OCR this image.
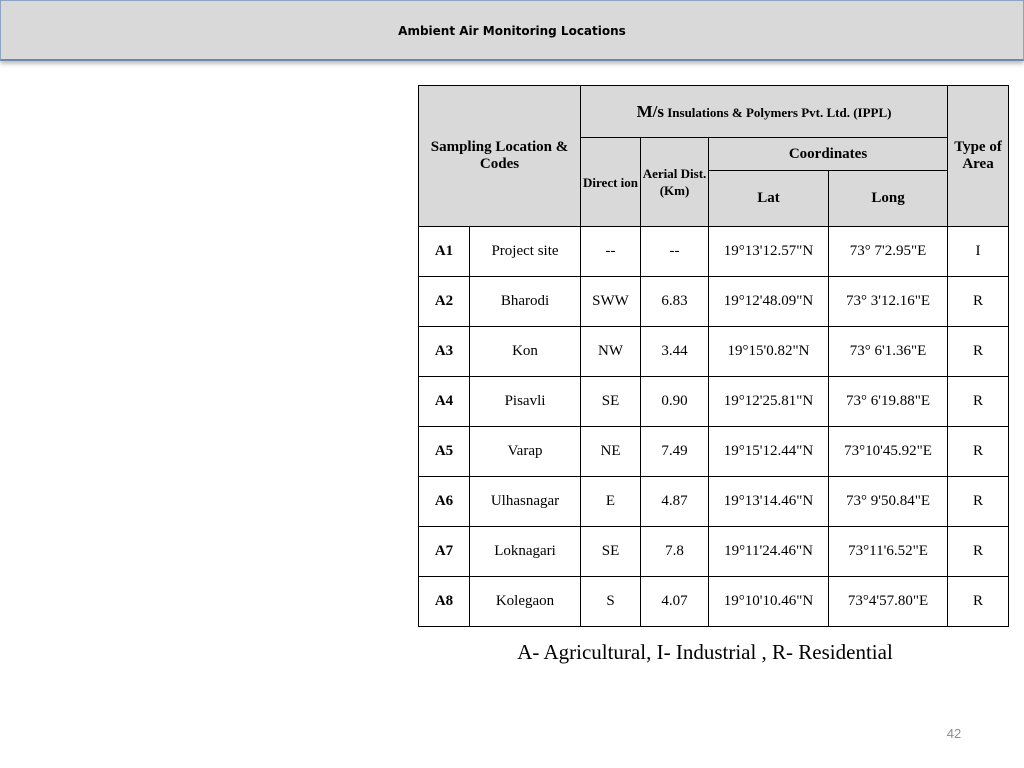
Ambient Air Monitoring Locations
Sampling Location & Codes		M/s Insulations & Polymers Pvt. Ltd. (IPPL)				Type of Area
		Direct ion	Aerial Dist. (Km)	Coordinates		
				Lat	Long	
A1	Project site	--	--	19°13'12.57"N	73° 7'2.95"E	I
A2	Bharodi	SWW	6.83	19°12'48.09"N	73° 3'12.16"E	R
A3	Kon	NW	3.44	19°15'0.82"N	73° 6'1.36"E	R
A4	Pisavli	SE	0.90	19°12'25.81"N	73° 6'19.88"E	R
A5	Varap	NE	7.49	19°15'12.44"N	73°10'45.92"E	R
A6	Ulhasnagar	E	4.87	19°13'14.46"N	73° 9'50.84"E	R
A7	Loknagari	SE	7.8	19°11'24.46"N	73°11'6.52"E	R
A8	Kolegaon	S	4.07	19°10'10.46"N	73°4'57.80"E	R
A- Agricultural, I- Industrial , R- Residential
42
